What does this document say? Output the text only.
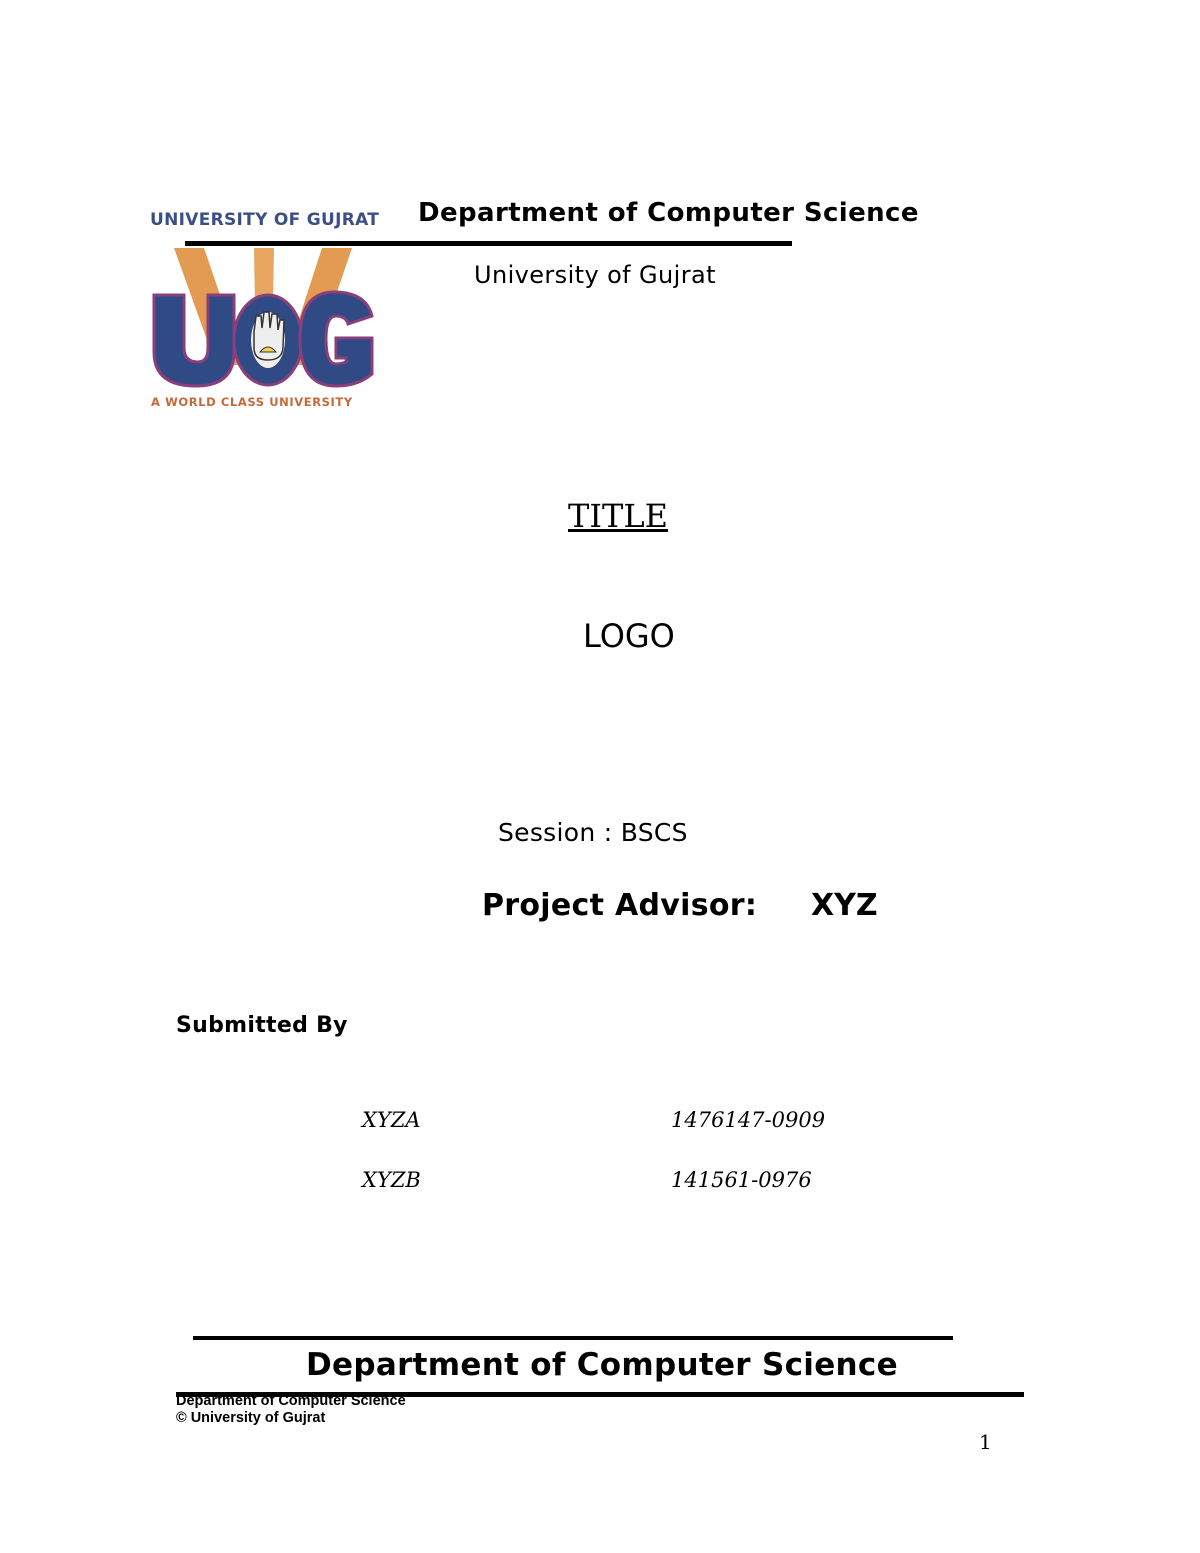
UNIVERSITY OF GUJRAT
A WORLD CLASS UNIVERSITY
Department of Computer Science
University of Gujrat
TITLE
LOGO
Session : BSCS
Project Advisor: XYZ
Submitted By
XYZA	1476147-0909
XYZB	141561-0976
Department of Computer Science
Department of Computer Science
© University of Gujrat
1
